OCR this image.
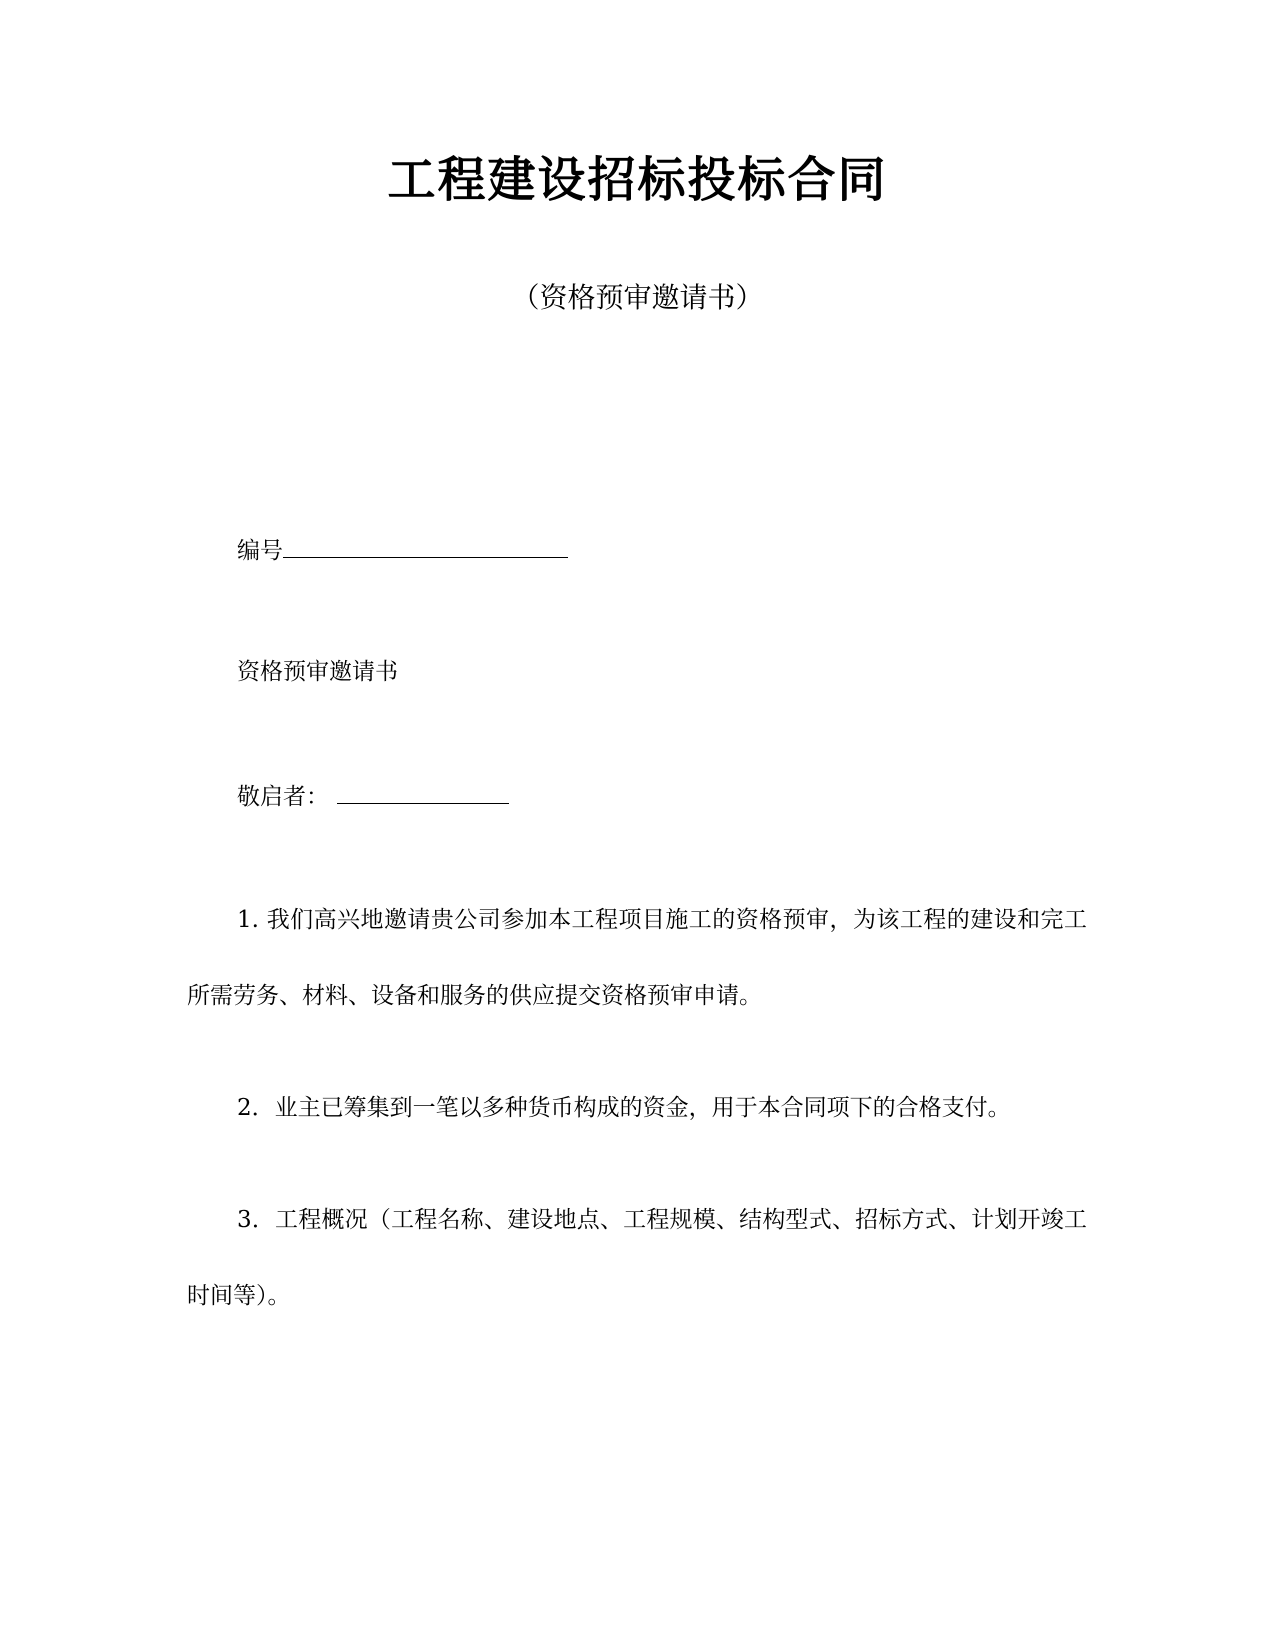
工程建设招标投标合同
（资格预审邀请书）
编号
资格预审邀请书
敬启者：
1. 我们高兴地邀请贵公司参加本工程项目施工的资格预审，为该工程的建设和完工所需劳务、材料、设备和服务的供应提交资格预审申请。
2．业主已筹集到一笔以多种货币构成的资金，用于本合同项下的合格支付。
3．工程概况（工程名称、建设地点、工程规模、结构型式、招标方式、计划开竣工时间等）。
